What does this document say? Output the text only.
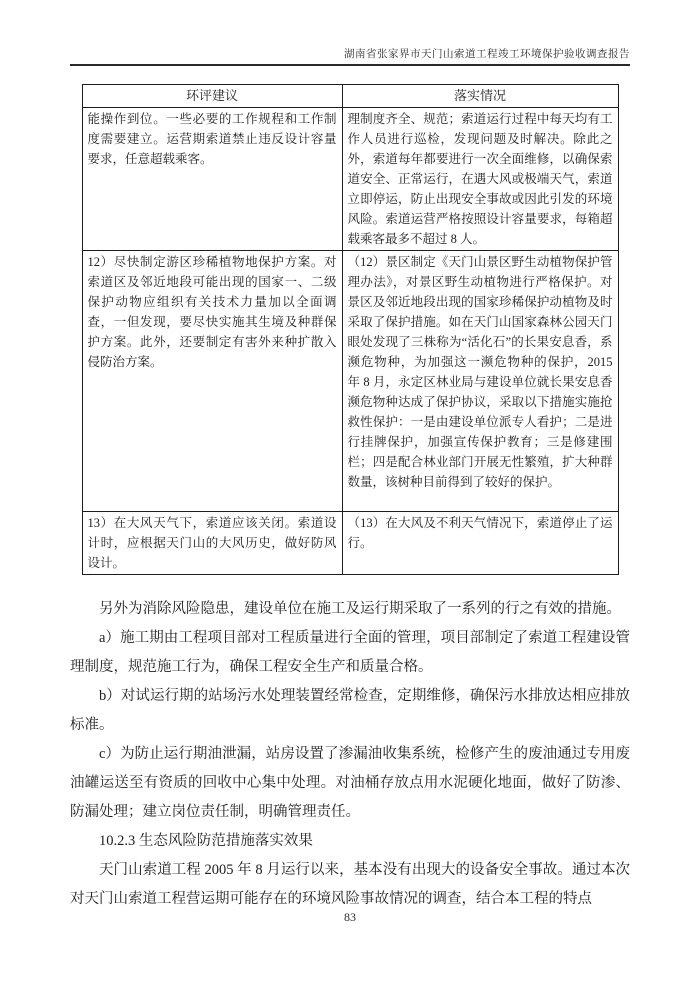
湖南省张家界市天门山索道工程竣工环境保护验收调查报告
环评建议	落实情况
能操作到位。一些必要的工作规程和工作制度需要建立。运营期索道禁止违反设计容量要求，任意超载乘客。	理制度齐全、规范；索道运行过程中每天均有工作人员进行巡检，发现问题及时解决。除此之外，索道每年都要进行一次全面维修，以确保索道安全、正常运行，在遇大风或极端天气，索道立即停运，防止出现安全事故或因此引发的环境风险。索道运营严格按照设计容量要求，每箱超载乘客最多不超过 8 人。
12）尽快制定游区珍稀植物地保护方案。对索道区及邻近地段可能出现的国家一、二级保护动物应组织有关技术力量加以全面调查，一但发现，要尽快实施其生境及种群保护方案。此外，还要制定有害外来种扩散入侵防治方案。	（12）景区制定《天门山景区野生动植物保护管理办法》，对景区野生动植物进行严格保护。对景区及邻近地段出现的国家珍稀保护动植物及时采取了保护措施。如在天门山国家森林公园天门眼处发现了三株称为“活化石”的长果安息香，系濒危物种，为加强这一濒危物种的保护，2015 年 8 月，永定区林业局与建设单位就长果安息香濒危物种达成了保护协议，采取以下措施实施抢救性保护：一是由建设单位派专人看护；二是进行挂牌保护，加强宣传保护教育；三是修建围栏；四是配合林业部门开展无性繁殖，扩大种群数量，该树种目前得到了较好的保护。
13）在大风天气下，索道应该关闭。索道设计时，应根据天门山的大风历史，做好防风设计。	（13）在大风及不利天气情况下，索道停止了运行。

另外为消除风险隐患，建设单位在施工及运行期采取了一系列的行之有效的措施。

a）施工期由工程项目部对工程质量进行全面的管理，项目部制定了索道工程建设管理制度，规范施工行为，确保工程安全生产和质量合格。

b）对试运行期的站场污水处理装置经常检查，定期维修，确保污水排放达相应排放标准。

c）为防止运行期油泄漏，站房设置了渗漏油收集系统，检修产生的废油通过专用废油罐运送至有资质的回收中心集中处理。对油桶存放点用水泥硬化地面，做好了防渗、防漏处理；建立岗位责任制，明确管理责任。

10.2.3 生态风险防范措施落实效果

天门山索道工程 2005 年 8 月运行以来，基本没有出现大的设备安全事故。通过本次对天门山索道工程营运期可能存在的环境风险事故情况的调查，结合本工程的特点

83
